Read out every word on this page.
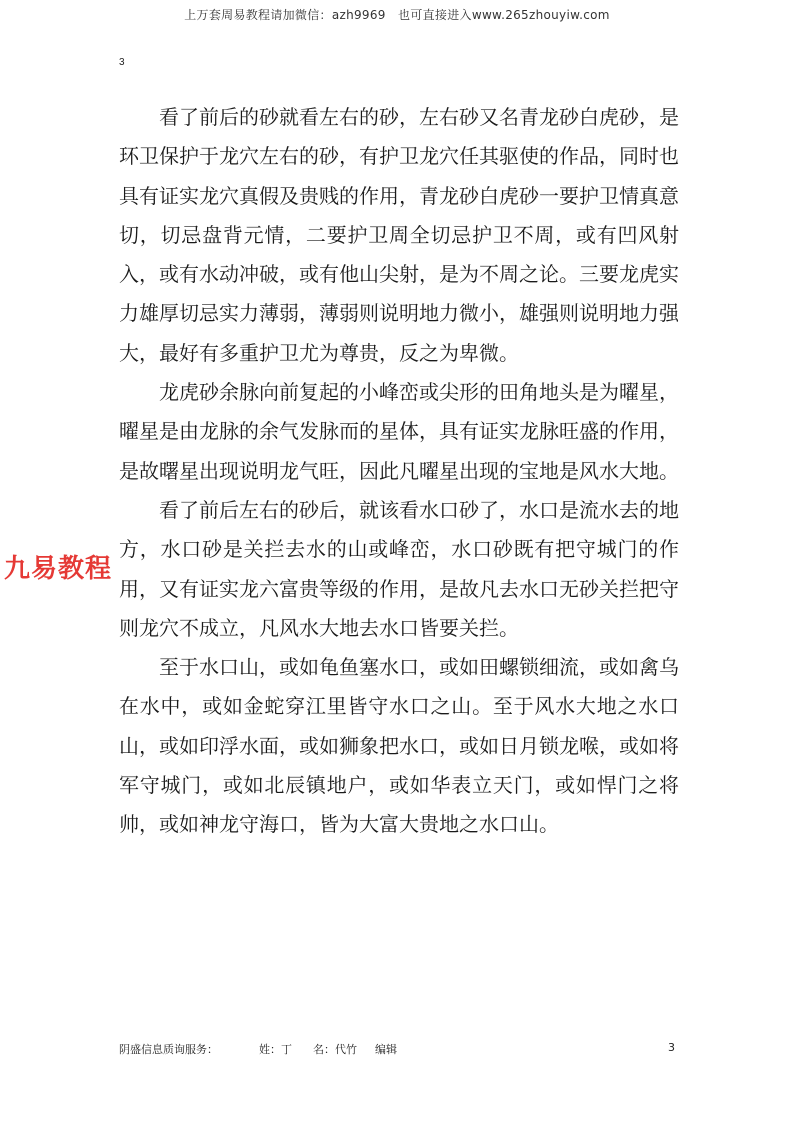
上万套周易教程请加微信：azh9969　也可直接进入www.265zhouyiw.com
3

看了前后的砂就看左右的砂，左右砂又名青龙砂白虎砂，是环卫保护于龙穴左右的砂，有护卫龙穴任其驱使的作品，同时也具有证实龙穴真假及贵贱的作用，青龙砂白虎砂一要护卫情真意切，切忌盘背元情，二要护卫周全切忌护卫不周，或有凹风射入，或有水动冲破，或有他山尖射，是为不周之论。三要龙虎实力雄厚切忌实力薄弱，薄弱则说明地力微小，雄强则说明地力强大，最好有多重护卫尤为尊贵，反之为卑微。

龙虎砂余脉向前复起的小峰峦或尖形的田角地头是为曜星，曜星是由龙脉的余气发脉而的星体，具有证实龙脉旺盛的作用，是故曙星出现说明龙气旺，因此凡曜星出现的宝地是风水大地。

看了前后左右的砂后，就该看水口砂了，水口是流水去的地方，水口砂是关拦去水的山或峰峦，水口砂既有把守城门的作用，又有证实龙六富贵等级的作用，是故凡去水口无砂关拦把守则龙穴不成立，凡风水大地去水口皆要关拦。

至于水口山，或如龟鱼塞水口，或如田螺锁细流，或如禽乌在水中，或如金蛇穿江里皆守水口之山。至于风水大地之水口山，或如印浮水面，或如狮象把水口，或如日月锁龙喉，或如将军守城门，或如北辰镇地户，或如华表立天门，或如悍门之将帅，或如神龙守海口，皆为大富大贵地之水口山。

九易教程
阴盛信息质询服务：	姓：丁 名：代竹 编辑	3
